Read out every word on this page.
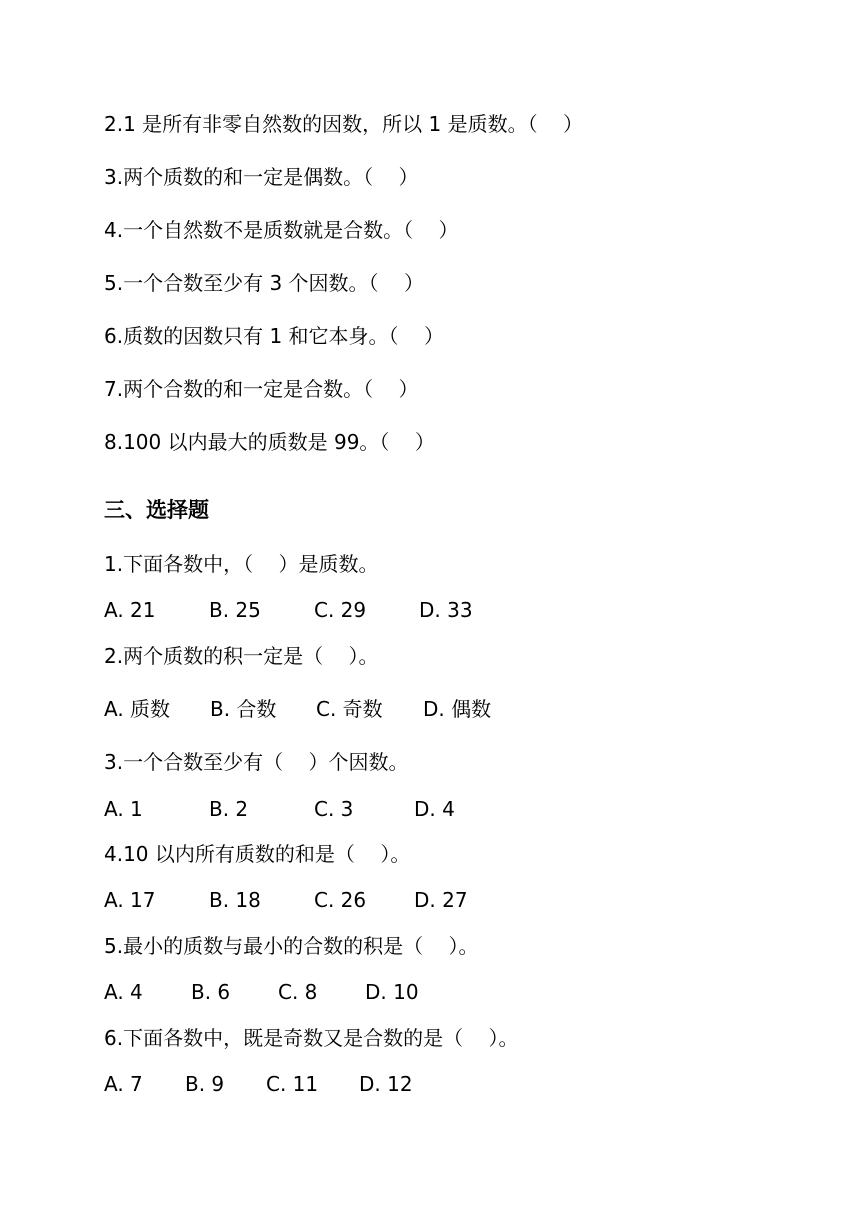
2.1 是所有非零自然数的因数，所以 1 是质数。（    ）
3.两个质数的和一定是偶数。（    ）
4.一个自然数不是质数就是合数。（    ）
5.一个合数至少有 3 个因数。（    ）
6.质数的因数只有 1 和它本身。（    ）
7.两个合数的和一定是合数。（    ）
8.100 以内最大的质数是 99。（    ）
三、选择题
1.下面各数中，（    ）是质数。
A. 21	B. 25	C. 29	D. 33
2.两个质数的积一定是（    ）。
A. 质数 B. 合数 C. 奇数 D. 偶数
3.一个合数至少有（    ）个因数。
A. 1	B. 2	C. 3	D. 4
4.10 以内所有质数的和是（    ）。
A. 17	B. 18	C. 26 D. 27
5.最小的质数与最小的合数的积是（    ）。
A. 4 B. 6 C. 8 D. 10
6.下面各数中，既是奇数又是合数的是（    ）。
A. 7 B. 9 C. 11 D. 12
